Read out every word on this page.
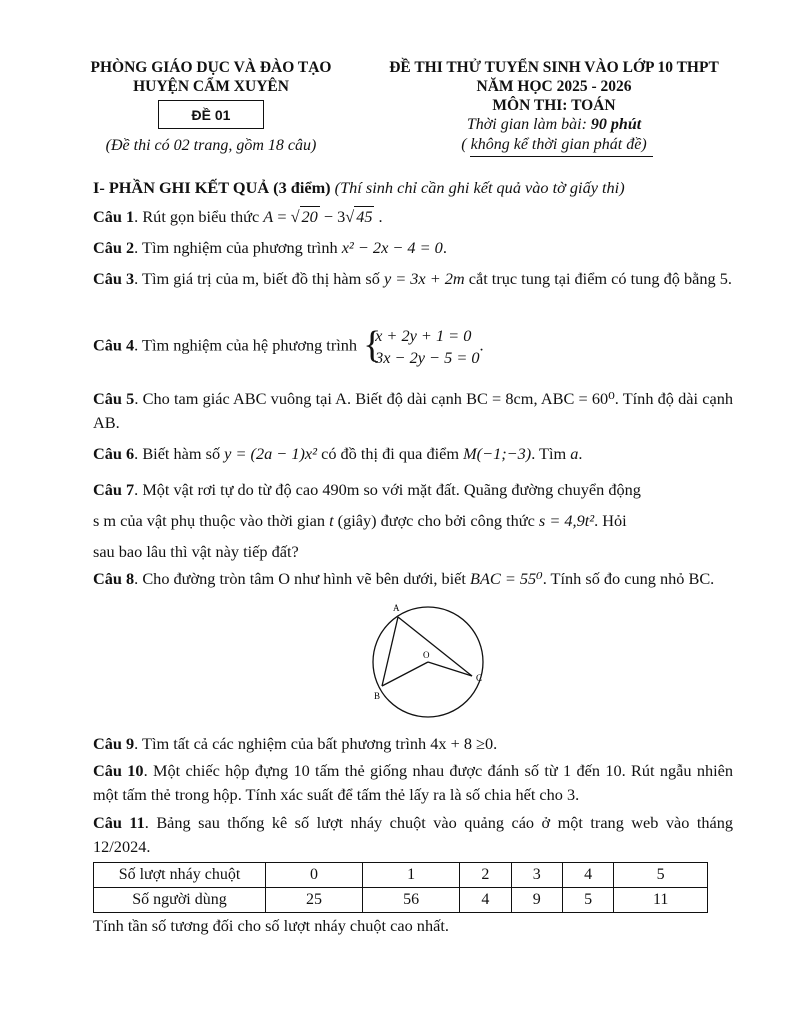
PHÒNG GIÁO DỤC VÀ ĐÀO TẠO
HUYỆN CẨM XUYÊN
ĐỀ 01
(Đề thi có 02 trang, gồm 18 câu)
ĐỀ THI THỬ TUYỂN SINH VÀO LỚP 10 THPT
NĂM HỌC 2025 - 2026
MÔN THI: TOÁN
Thời gian làm bài: 90 phút
( không kể thời gian phát đề)
I- PHẦN GHI KẾT QUẢ (3 điểm) (Thí sinh chỉ cần ghi kết quả vào tờ giấy thi)
Câu 1. Rút gọn biểu thức A = √ 20 − 3√ 45 .
Câu 2. Tìm nghiệm của phương trình x² − 2x − 4 = 0.
Câu 3. Tìm giá trị của m, biết đồ thị hàm số y = 3x + 2m cắt trục tung tại điểm có tung độ bằng 5.
Câu 4. Tìm nghiệm của hệ phương trình {
x + 2y + 1 = 0
3x − 2y − 5 = 0
.
Câu 5. Cho tam giác ABC vuông tại A. Biết độ dài cạnh BC = 8cm, ABC = 60⁰. Tính độ dài cạnh AB.
Câu 6. Biết hàm số y = (2a − 1)x² có đồ thị đi qua điểm M(−1;−3). Tìm a.
Câu 7. Một vật rơi tự do từ độ cao 490m so với mặt đất. Quãng đường chuyển động
s m của vật phụ thuộc vào thời gian t (giây) được cho bởi công thức s = 4,9t². Hỏi
sau bao lâu thì vật này tiếp đất?
Câu 8. Cho đường tròn tâm O như hình vẽ bên dưới, biết BAC = 55⁰. Tính số đo cung nhỏ BC.
A
B
C
O
Câu 9. Tìm tất cả các nghiệm của bất phương trình 4x + 8 ≥0.
Câu 10. Một chiếc hộp đựng 10 tấm thẻ giống nhau được đánh số từ 1 đến 10. Rút ngẫu nhiên một tấm thẻ trong hộp. Tính xác suất để tấm thẻ lấy ra là số chia hết cho 3.
Câu 11. Bảng sau thống kê số lượt nháy chuột vào quảng cáo ở một trang web vào tháng 12/2024.
Số lượt nháy chuột	0	1	2	3	4	5
Số người dùng	25	56	4	9	5	11
Tính tần số tương đối cho số lượt nháy chuột cao nhất.
